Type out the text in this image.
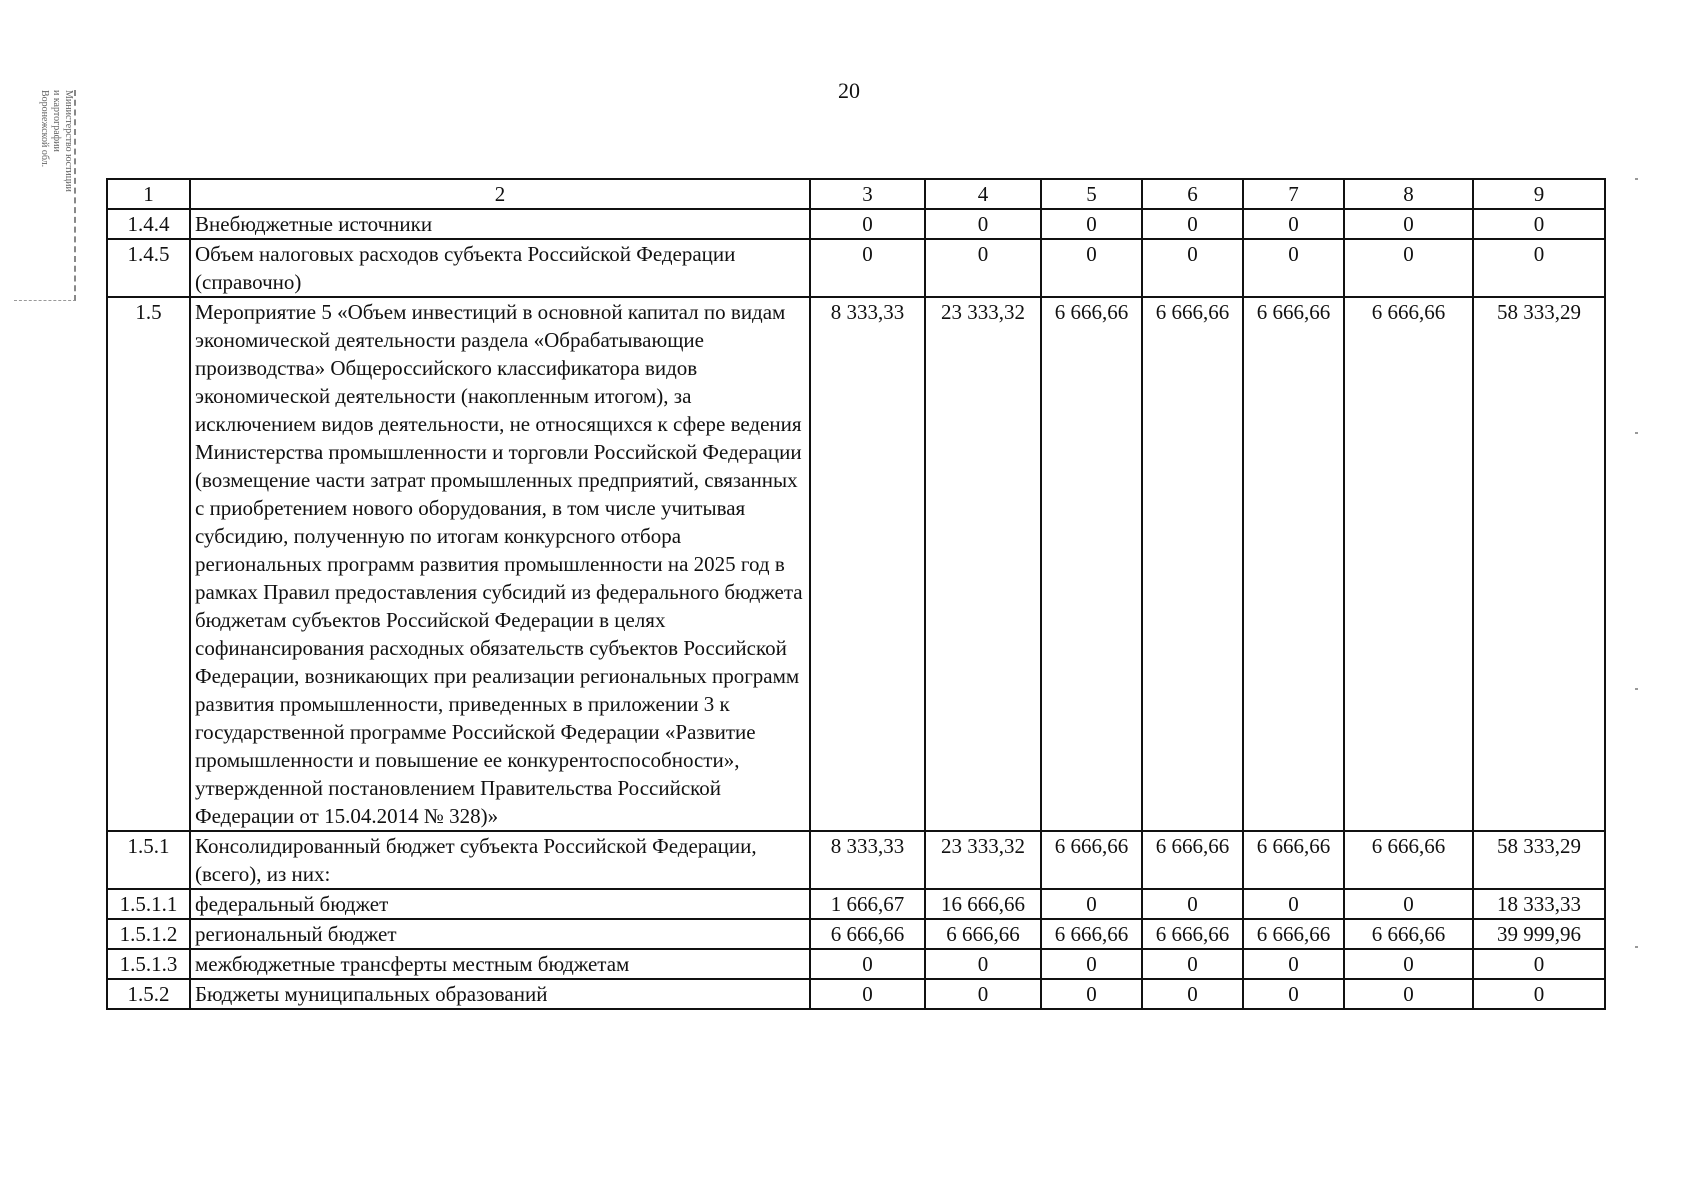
20
Министерство юстиции
и картографии
Воронежской обл.
1	2	3	4	5	6	7	8	9
1.4.4	Внебюджетные источники	0	0	0	0	0	0	0
1.4.5	Объем налоговых расходов субъекта Российской Федерации (справочно)	0	0	0	0	0	0	0
1.5	Мероприятие 5 «Объем инвестиций в основной капитал по видам экономической деятельности раздела «Обрабатывающие производства» Общероссийского классификатора видов экономической деятельности (накопленным итогом), за исключением видов деятельности, не относящихся к сфере ведения Министерства промышленности и торговли Российской Федерации (возмещение части затрат промышленных предприятий, связанных с приобретением нового оборудования, в том числе учитывая субсидию, полученную по итогам конкурсного отбора региональных программ развития промышленности на 2025 год в рамках Правил предоставления субсидий из федерального бюджета бюджетам субъектов Российской Федерации в целях софинансирования расходных обязательств субъектов Российской Федерации, возникающих при реализации региональных программ развития промышленности, приведенных в приложении 3 к государственной программе Российской Федерации «Развитие промышленности и повышение ее конкурентоспособности», утвержденной постановлением Правительства Российской Федерации от 15.04.2014 № 328)»	8 333,33	23 333,32	6 666,66	6 666,66	6 666,66	6 666,66	58 333,29
1.5.1	Консолидированный бюджет субъекта Российской Федерации, (всего), из них:	8 333,33	23 333,32	6 666,66	6 666,66	6 666,66	6 666,66	58 333,29
1.5.1.1	федеральный бюджет	1 666,67	16 666,66	0	0	0	0	18 333,33
1.5.1.2	региональный бюджет	6 666,66	6 666,66	6 666,66	6 666,66	6 666,66	6 666,66	39 999,96
1.5.1.3	межбюджетные трансферты местным бюджетам	0	0	0	0	0	0	0
1.5.2	Бюджеты муниципальных образований	0	0	0	0	0	0	0
